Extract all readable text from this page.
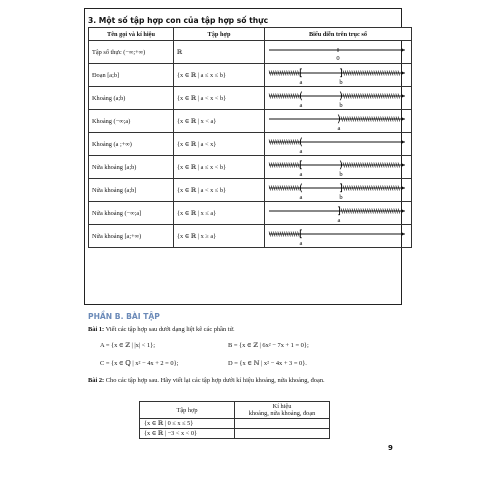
3. Một số tập hợp con của tập hợp số thực
Tên gọi và kí hiệu	Tập hợp	Biểu diễn trên trục số
Tập số thực (−∞;+∞)	ℝ	0

Đoạn [a;b]	{x ∈ ℝ | a ≤ x ≤ b}	[
a
]
b

Khoảng (a;b)	{x ∈ ℝ | a < x < b}	(
a
)
b

Khoảng (−∞;a)	{x ∈ ℝ | x < a}	)
a

Khoảng (a ;+∞)	{x ∈ ℝ | a < x}	(
a

Nửa khoảng [a;b)	{x ∈ ℝ | a ≤ x < b}	[
a
)
b

Nửa khoảng (a;b]	{x ∈ ℝ | a < x ≤ b}	(
a
]
b

Nửa khoảng (−∞;a]	{x ∈ ℝ | x ≤ a}	]
a

Nửa khoảng [a;+∞)	{x ∈ ℝ | x ≥ a}	[
a
PHẦN B. BÀI TẬP
Bài 1: Viết các tập hợp sau dưới dạng liệt kê các phần tử.
A = {x ∈ ℤ | |x| < 1};	B = {x ∈ ℤ | 6x² − 7x + 1 = 0};
C = {x ∈ ℚ | x² − 4x + 2 = 0};	D = {x ∈ ℕ | x² − 4x + 3 = 0}.
Bài 2: Cho các tập hợp sau. Hãy viết lại các tập hợp dưới kí hiệu khoảng, nửa khoảng, đoạn.
Tập hợp	Kí hiệu
khoảng, nửa khoảng, đoạn
{x ∈ ℝ | 0 ≤ x ≤ 5}	
{x ∈ ℝ | −3 < x < 0}	
9
